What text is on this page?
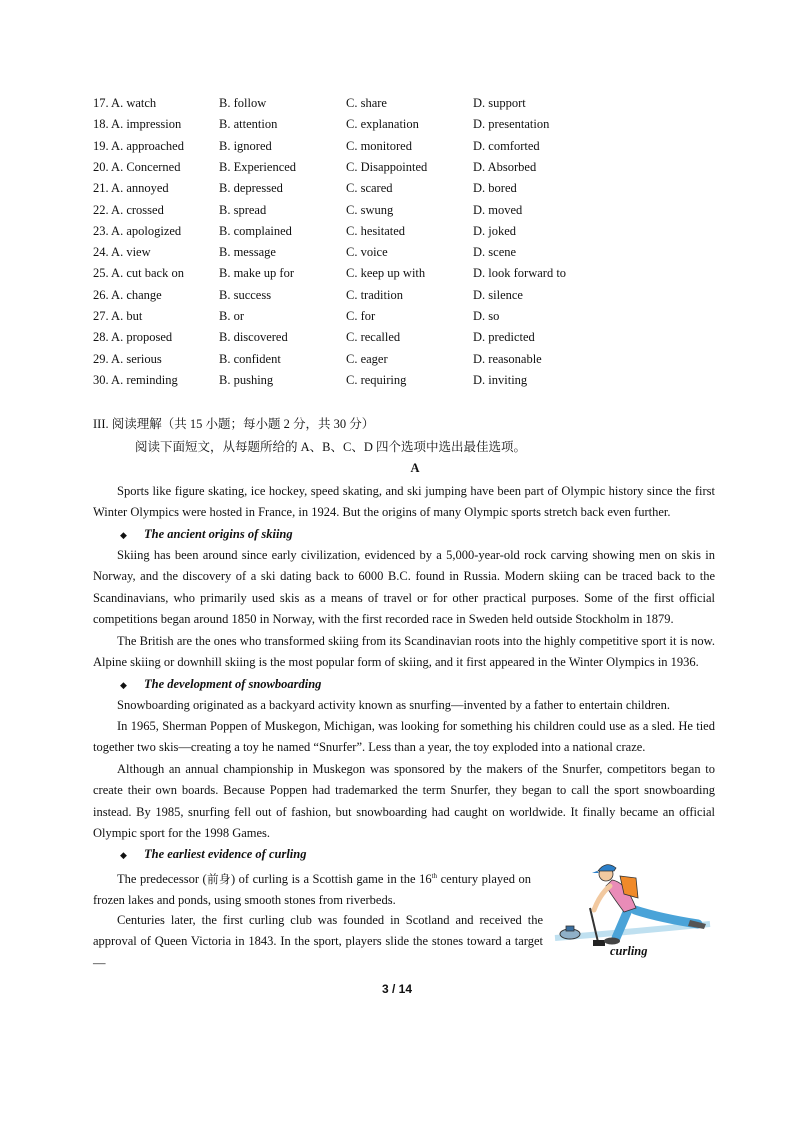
17. A. watch	B. follow	C. share	D. support
18. A. impression	B. attention	C. explanation	D. presentation
19. A. approached	B. ignored	C. monitored	D. comforted
20. A. Concerned	B. Experienced	C. Disappointed	D. Absorbed
21. A. annoyed	B. depressed	C. scared	D. bored
22. A. crossed	B. spread	C. swung	D. moved
23. A. apologized	B. complained	C. hesitated	D. joked
24. A. view	B. message	C. voice	D. scene
25. A. cut back on	B. make up for	C. keep up with	D. look forward to
26. A. change	B. success	C. tradition	D. silence
27. A. but	B. or	C. for	D. so
28. A. proposed	B. discovered	C. recalled	D. predicted
29. A. serious	B. confident	C. eager	D. reasonable
30. A. reminding	B. pushing	C. requiring	D. inviting
III. 阅读理解（共 15 小题；每小题 2 分，共 30 分）
阅读下面短文，从每题所给的 A、B、C、D 四个选项中选出最佳选项。
A
Sports like figure skating, ice hockey, speed skating, and ski jumping have been part of Olympic history since the first Winter Olympics were hosted in France, in 1924. But the origins of many Olympic sports stretch back even further.
◆ The ancient origins of skiing
Skiing has been around since early civilization, evidenced by a 5,000-year-old rock carving showing men on skis in Norway, and the discovery of a ski dating back to 6000 B.C. found in Russia. Modern skiing can be traced back to the Scandinavians, who primarily used skis as a means of travel or for other practical purposes. Some of the first official competitions began around 1850 in Norway, with the first recorded race in Sweden held outside Stockholm in 1879.
The British are the ones who transformed skiing from its Scandinavian roots into the highly competitive sport it is now. Alpine skiing or downhill skiing is the most popular form of skiing, and it first appeared in the Winter Olympics in 1936.
◆ The development of snowboarding
Snowboarding originated as a backyard activity known as snurfing—invented by a father to entertain children.
In 1965, Sherman Poppen of Muskegon, Michigan, was looking for something his children could use as a sled. He tied together two skis—creating a toy he named “Snurfer”. Less than a year, the toy exploded into a national craze.
Although an annual championship in Muskegon was sponsored by the makers of the Snurfer, competitors began to create their own boards. Because Poppen had trademarked the term Snurfer, they began to call the sport snowboarding instead. By 1985, snurfing fell out of fashion, but snowboarding had caught on worldwide. It finally became an official Olympic sport for the 1998 Games.
◆ The earliest evidence of curling
The predecessor (前身) of curling is a Scottish game in the 16th century played on frozen lakes and ponds, using smooth stones from riverbeds.
Centuries later, the first curling club was founded in Scotland and received the approval of Queen Victoria in 1843. In the sport, players slide the stones toward a target—
curling
3 / 14
